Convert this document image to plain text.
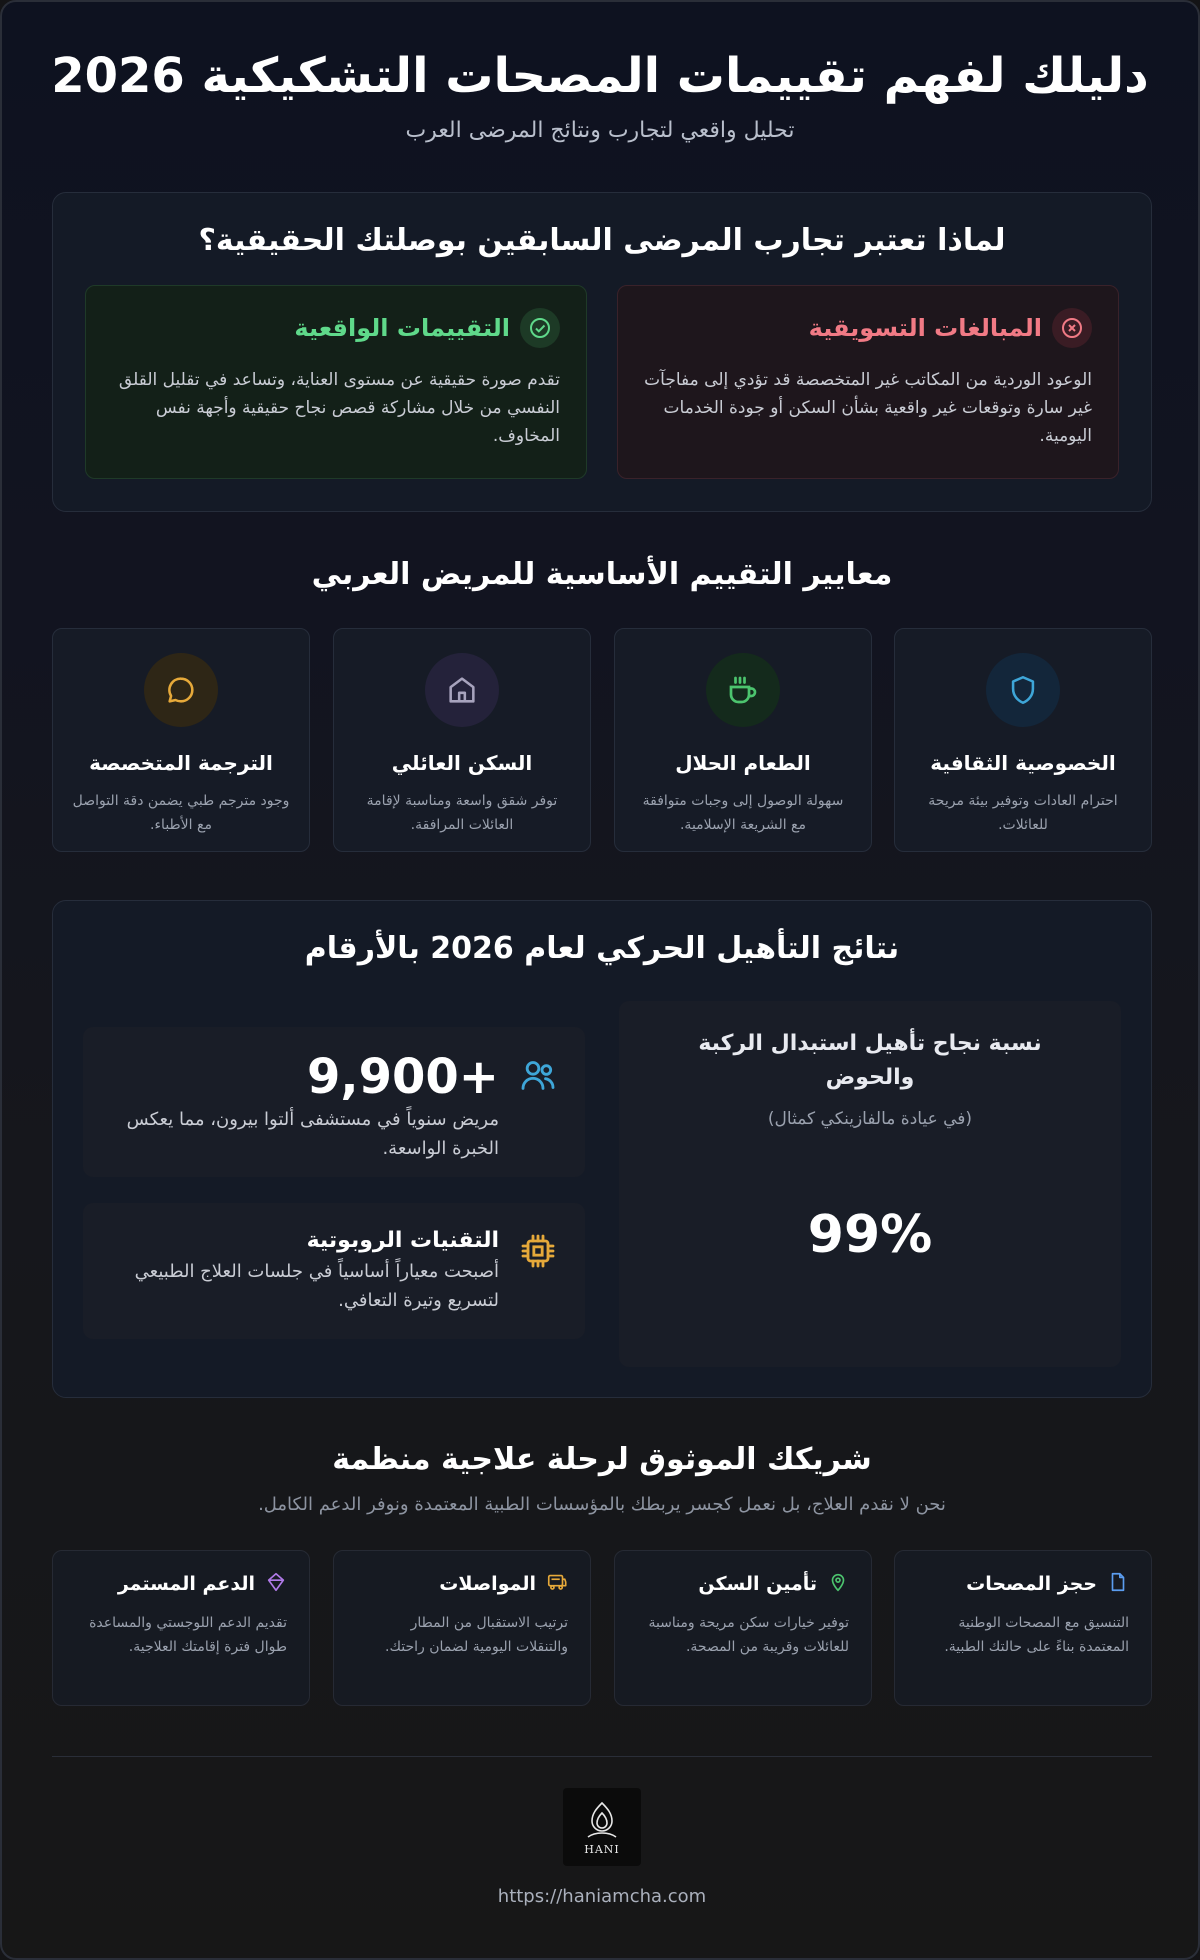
دليلك لفهم تقييمات المصحات التشكيكية 2026

تحليل واقعي لتجارب ونتائج المرضى العرب

لماذا تعتبر تجارب المرضى السابقين بوصلتك الحقيقية؟
المبالغات التسويقية

الوعود الوردية من المكاتب غير المتخصصة قد تؤدي إلى مفاجآت غير سارة وتوقعات غير واقعية بشأن السكن أو جودة الخدمات اليومية.

التقييمات الواقعية

تقدم صورة حقيقية عن مستوى العناية، وتساعد في تقليل القلق النفسي من خلال مشاركة قصص نجاح حقيقية وأجهة نفس المخاوف.

معايير التقييم الأساسية للمريض العربي
الخصوصية الثقافية

احترام العادات وتوفير بيئة مريحة للعائلات.

الطعام الحلال

سهولة الوصول إلى وجبات متوافقة مع الشريعة الإسلامية.

السكن العائلي

توفر شقق واسعة ومناسبة لإقامة العائلات المرافقة.

الترجمة المتخصصة

وجود مترجم طبي يضمن دقة التواصل مع الأطباء.

نتائج التأهيل الحركي لعام 2026 بالأرقام
نسبة نجاح تأهيل استبدال الركبة والحوض
(في عيادة مالفازينكي كمثال)
99%
9,900+

مريض سنوياً في مستشفى ألتوا بيرون، مما يعكس الخبرة الواسعة.

التقنيات الروبوتية

أصبحت معياراً أساسياً في جلسات العلاج الطبيعي لتسريع وتيرة التعافي.

شريكك الموثوق لرحلة علاجية منظمة
نحن لا نقدم العلاج، بل نعمل كجسر يربطك بالمؤسسات الطبية المعتمدة ونوفر الدعم الكامل.
حجز المصحات

التنسيق مع المصحات الوطنية المعتمدة بناءً على حالتك الطبية.

تأمين السكن

توفير خيارات سكن مريحة ومناسبة للعائلات وقريبة من المصحة.

المواصلات

ترتيب الاستقبال من المطار والتنقلات اليومية لضمان راحتك.

الدعم المستمر

تقديم الدعم اللوجستي والمساعدة طوال فترة إقامتك العلاجية.

HANI
https://haniamcha.com
